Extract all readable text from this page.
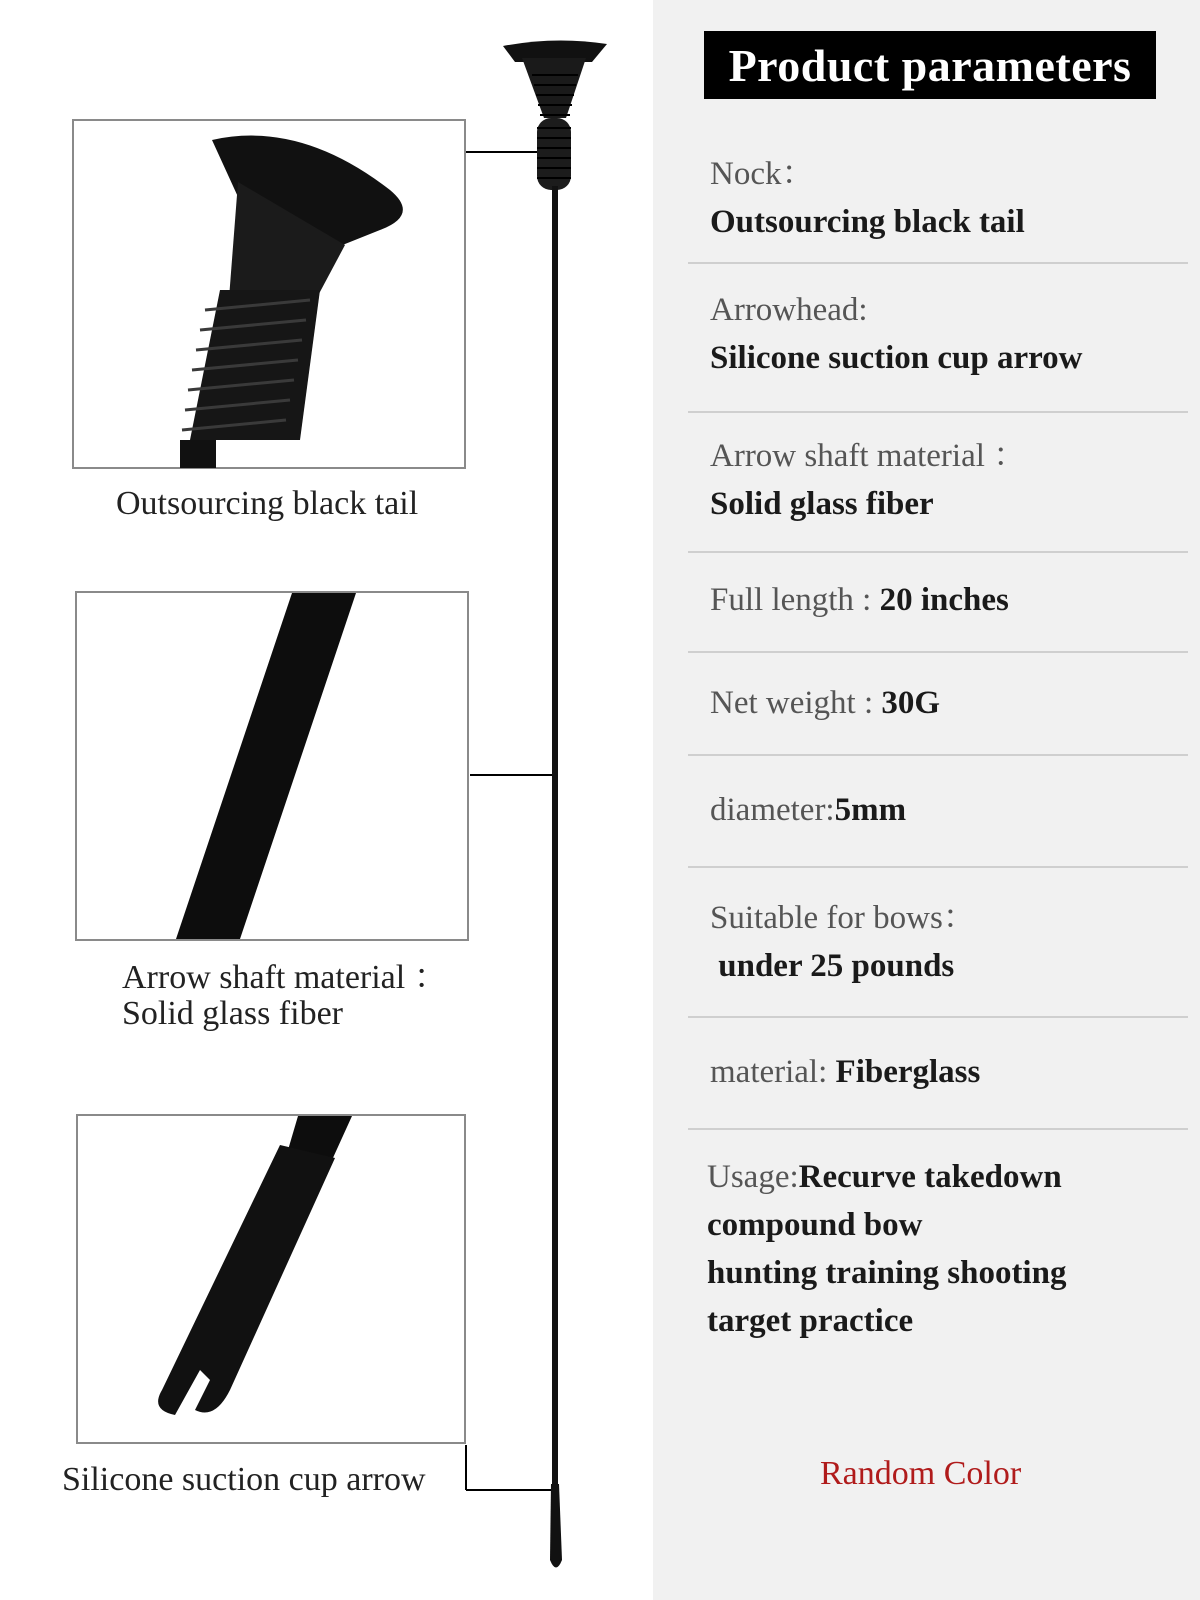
Outsourcing black tail
Arrow shaft material ：
Solid glass fiber
Silicone suction cup arrow
Product parameters
Nock：
Outsourcing black tail
Arrowhead:
Silicone suction cup arrow
Arrow shaft material ：
Solid glass fiber
Full length : 20 inches
Net weight : 30G
diameter:5mm
Suitable for bows：
under 25 pounds
material: Fiberglass
Usage:Recurve takedown
compound bow
hunting training shooting
target practice
Random Color
